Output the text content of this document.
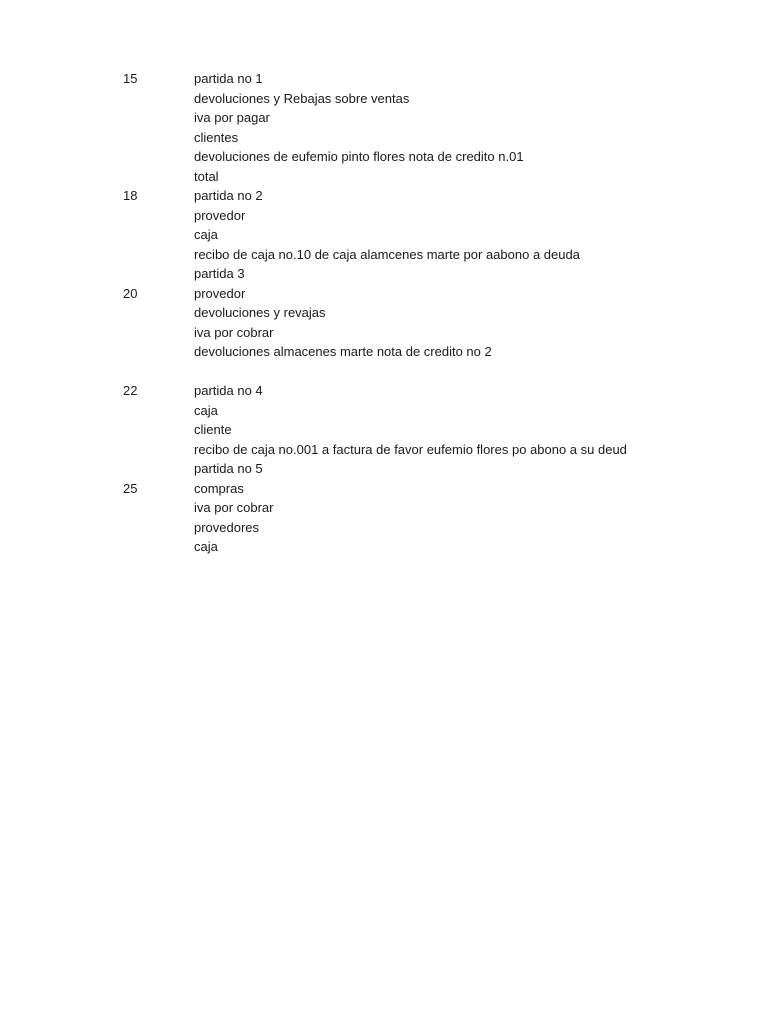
15	partida no 1
devoluciones y Rebajas sobre ventas
iva por pagar
clientes
devoluciones de eufemio pinto flores nota de credito n.01
total
18	partida no 2
provedor
caja
recibo de caja no.10 de caja alamcenes marte por aabono a deuda
partida 3
20	provedor
devoluciones y revajas
iva por cobrar
devoluciones almacenes marte nota de credito no 2
22	partida no 4
caja
cliente
recibo de caja no.001 a factura de favor eufemio flores po abono a su deud
partida no 5
25	compras
iva por cobrar
provedores
caja
